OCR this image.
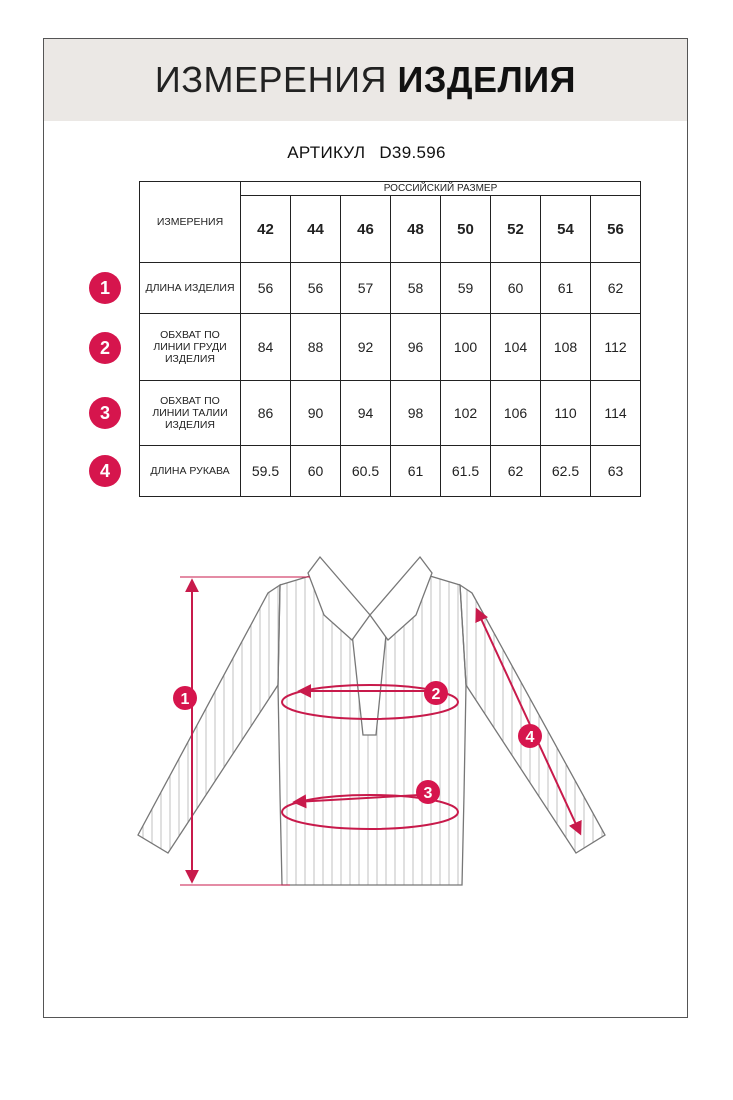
ИЗМЕРЕНИЯ ИЗДЕЛИЯ
АРТИКУЛ D39.596
ИЗМЕРЕНИЯ	РОССИЙСКИЙ РАЗМЕР							
	42	44	46	48	50	52	54	56
ДЛИНА ИЗДЕЛИЯ	56	56	57	58	59	60	61	62
ОБХВАТ ПО ЛИНИИ ГРУДИ ИЗДЕЛИЯ	84	88	92	96	100	104	108	112
ОБХВАТ ПО ЛИНИИ ТАЛИИ ИЗДЕЛИЯ	86	90	94	98	102	106	110	114
ДЛИНА РУКАВА	59.5	60	60.5	61	61.5	62	62.5	63
1
2
3
4
1	2
3
4
